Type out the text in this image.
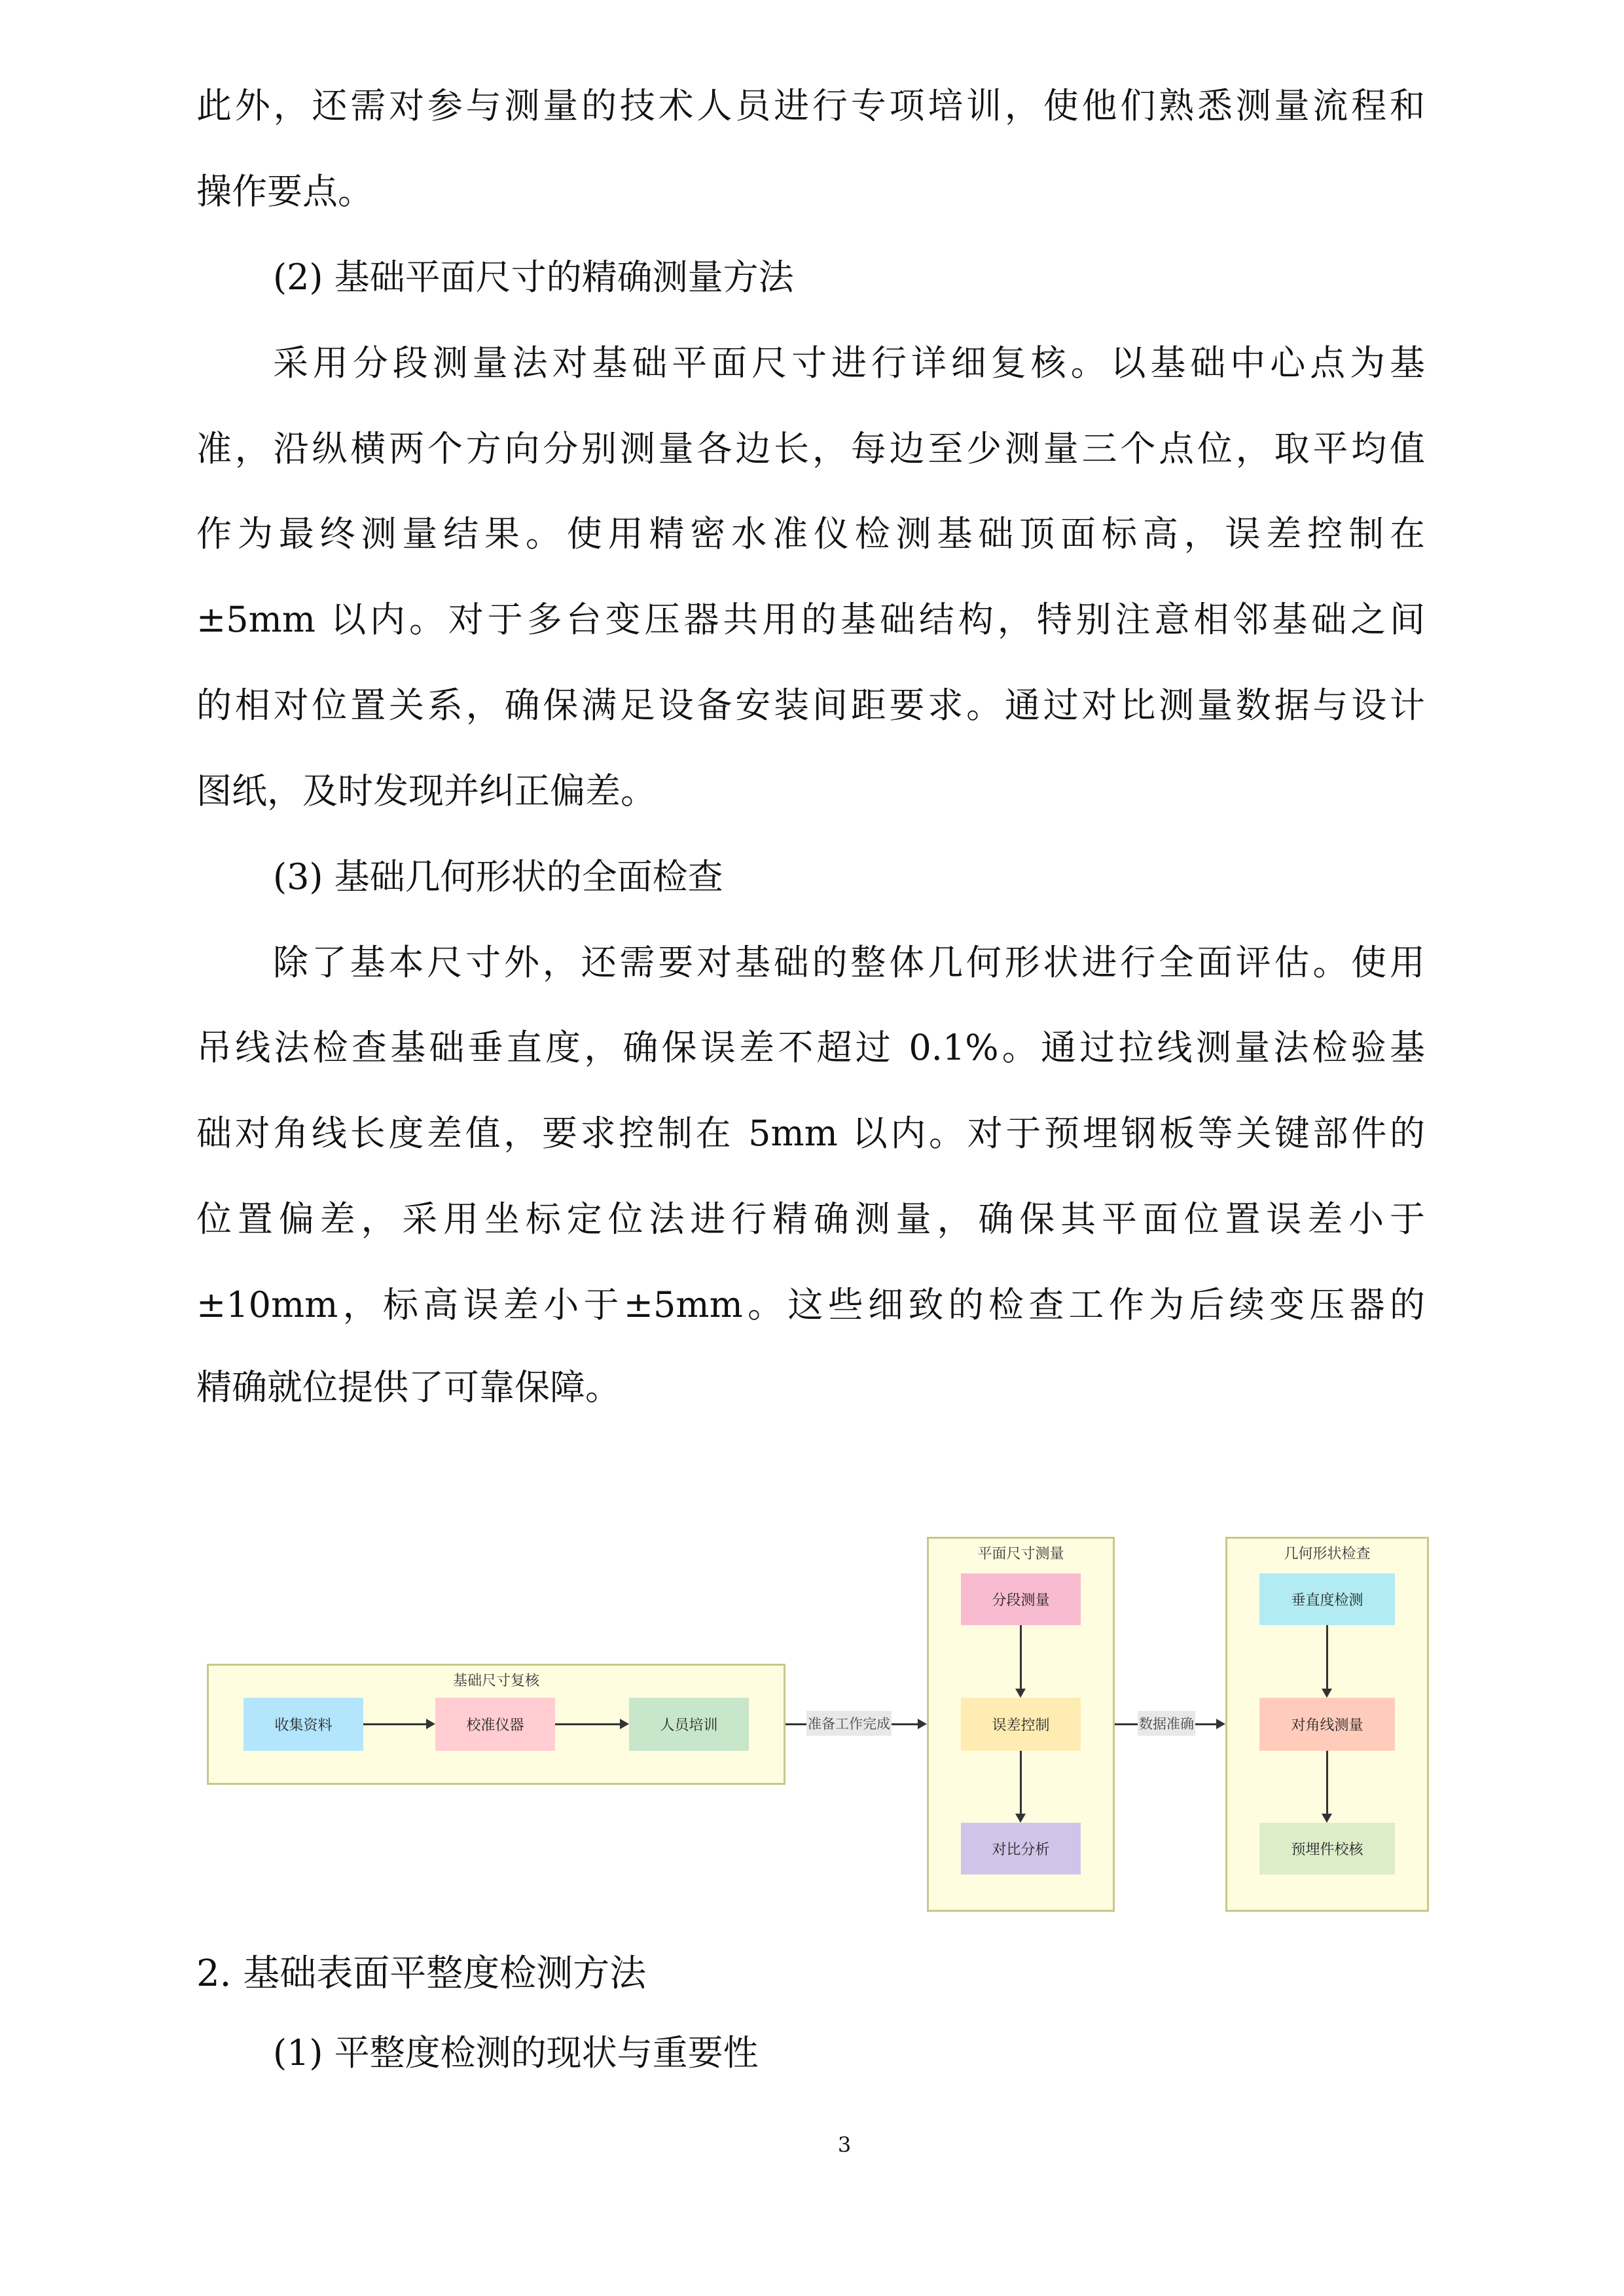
此外，还需对参与测量的技术人员进行专项培训，使他们熟悉测量流程和
操作要点。
(2) 基础平面尺寸的精确测量方法
采用分段测量法对基础平面尺寸进行详细复核。以基础中心点为基
准，沿纵横两个方向分别测量各边长，每边至少测量三个点位，取平均值
作为最终测量结果。使用精密水准仪检测基础顶面标高，误差控制在
±5mm 以内。对于多台变压器共用的基础结构，特别注意相邻基础之间
的相对位置关系，确保满足设备安装间距要求。通过对比测量数据与设计
图纸，及时发现并纠正偏差。
(3) 基础几何形状的全面检查
除了基本尺寸外，还需要对基础的整体几何形状进行全面评估。使用
吊线法检查基础垂直度，确保误差不超过 0.1%。通过拉线测量法检验基
础对角线长度差值，要求控制在 5mm 以内。对于预埋钢板等关键部件的
位置偏差，采用坐标定位法进行精确测量，确保其平面位置误差小于
±10mm，标高误差小于±5mm。这些细致的检查工作为后续变压器的
精确就位提供了可靠保障。
基础尺寸复核
平面尺寸测量	几何形状检查
收集资料	校准仪器	人员培训
分段测量
误差控制
对比分析
垂直度检测
对角线测量
预埋件校核
准备工作完成	数据准确
2. 基础表面平整度检测方法
(1) 平整度检测的现状与重要性
3
